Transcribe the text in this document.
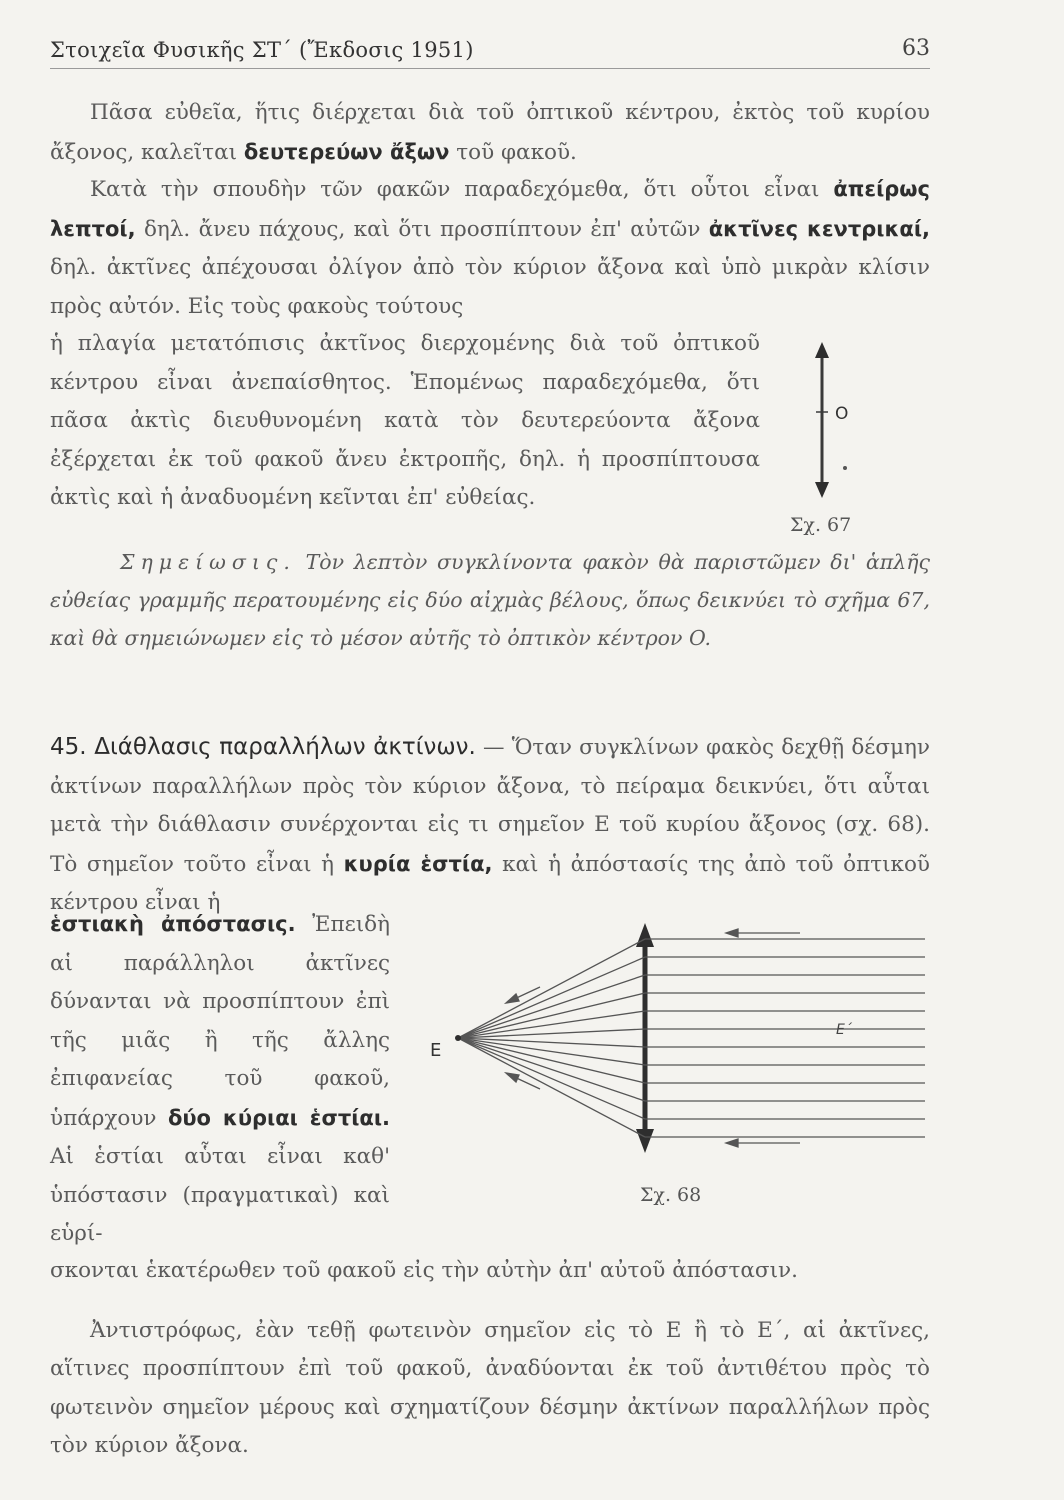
Στοιχεῖα Φυσικῆς ΣΤ΄ (Ἔκδοσις 1951)	63

Πᾶσα εὐθεῖα, ἥτις διέρχεται διὰ τοῦ ὀπτικοῦ κέντρου, ἐκτὸς τοῦ κυρίου ἄξονος, καλεῖται δευτερεύων ἄξων τοῦ φακοῦ.

Κατὰ τὴν σπουδὴν τῶν φακῶν παραδεχόμεθα, ὅτι οὗτοι εἶναι ἀπείρως λεπτοί, δηλ. ἄνευ πάχους, καὶ ὅτι προσπίπτουν ἐπ' αὐτῶν ἀκτῖνες κεντρικαί, δηλ. ἀκτῖνες ἀπέχουσαι ὀλίγον ἀπὸ τὸν κύριον ἄξονα καὶ ὑπὸ μικρὰν κλίσιν πρὸς αὐτόν. Εἰς τοὺς φακοὺς τούτους

ἡ πλαγία μετατόπισις ἀκτῖνος διερχομένης διὰ τοῦ ὀπτικοῦ κέντρου εἶναι ἀνεπαίσθητος. Ἑπομένως παραδεχόμεθα, ὅτι πᾶσα ἀκτὶς διευθυνομένη κατὰ τὸν δευτερεύοντα ἄξονα ἐξέρχεται ἐκ τοῦ φακοῦ ἄνευ ἐκτροπῆς, δηλ. ἡ προσπίπτουσα ἀκτὶς καὶ ἡ ἀναδυομένη κεῖνται ἐπ' εὐθείας.

O
Σχ. 67
Σημείωσις. Τὸν λεπτὸν συγκλίνοντα φακὸν θὰ παριστῶμεν δι' ἁπλῆς εὐθείας γραμμῆς περατουμένης εἰς δύο αἰχμὰς βέλους, ὅπως δεικνύει τὸ σχῆμα 67, καὶ θὰ σημειώνωμεν εἰς τὸ μέσον αὐτῆς τὸ ὀπτικὸν κέντρον O.
45. Διάθλασις παραλλήλων ἀκτίνων. — Ὅταν συγκλίνων φακὸς δεχθῇ δέσμην ἀκτίνων παραλλήλων πρὸς τὸν κύριον ἄξονα, τὸ πείραμα δεικνύει, ὅτι αὗται μετὰ τὴν διάθλασιν συνέρχονται εἰς τι σημεῖον E τοῦ κυρίου ἄξονος (σχ. 68). Τὸ σημεῖον τοῦτο εἶναι ἡ κυρία ἑστία, καὶ ἡ ἀπόστασίς της ἀπὸ τοῦ ὀπτικοῦ κέντρου εἶναι ἡ
ἑστιακὴ ἀπόστασις. Ἐπειδὴ αἱ παράλληλοι ἀκτῖνες δύνανται νὰ προσπίπτουν ἐπὶ τῆς μιᾶς ἢ τῆς ἄλλης ἐπιφανείας τοῦ φακοῦ, ὑπάρχουν δύο κύριαι ἑστίαι. Αἱ ἑστίαι αὗται εἶναι καθ' ὑπόστασιν (πραγματικαὶ) καὶ εὑρί-
E
E΄
Σχ. 68

σκονται ἑκατέρωθεν τοῦ φακοῦ εἰς τὴν αὐτὴν ἀπ' αὐτοῦ ἀπόστασιν.

Ἀντιστρόφως, ἐὰν τεθῇ φωτεινὸν σημεῖον εἰς τὸ E ἢ τὸ E΄, αἱ ἀκτῖνες, αἵτινες προσπίπτουν ἐπὶ τοῦ φακοῦ, ἀναδύονται ἐκ τοῦ ἀντιθέτου πρὸς τὸ φωτεινὸν σημεῖον μέρους καὶ σχηματίζουν δέσμην ἀκτίνων παραλλήλων πρὸς τὸν κύριον ἄξονα.
